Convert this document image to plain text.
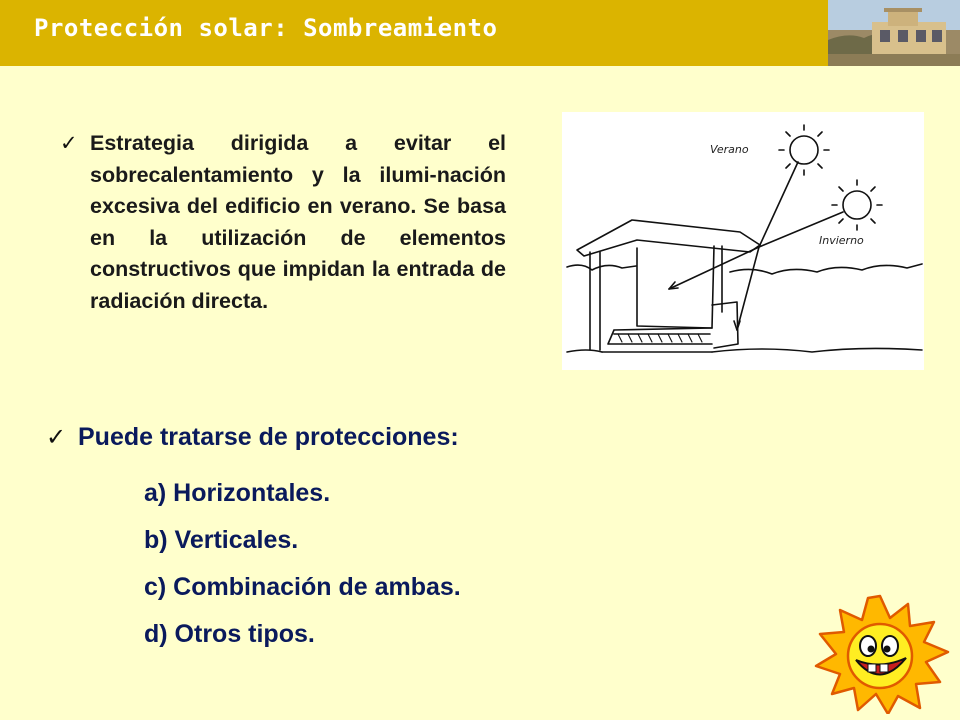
Protección solar: Sombreamiento
✓ Estrategia dirigida a evitar el sobrecalentamiento y la ilumi-nación excesiva del edificio en verano. Se basa en la utilización de elementos constructivos que impidan la entrada de radiación directa.
Verano
Invierno
✓ Puede tratarse de protecciones:
a) Horizontales.
b) Verticales.
c) Combinación de ambas.
d) Otros tipos.
